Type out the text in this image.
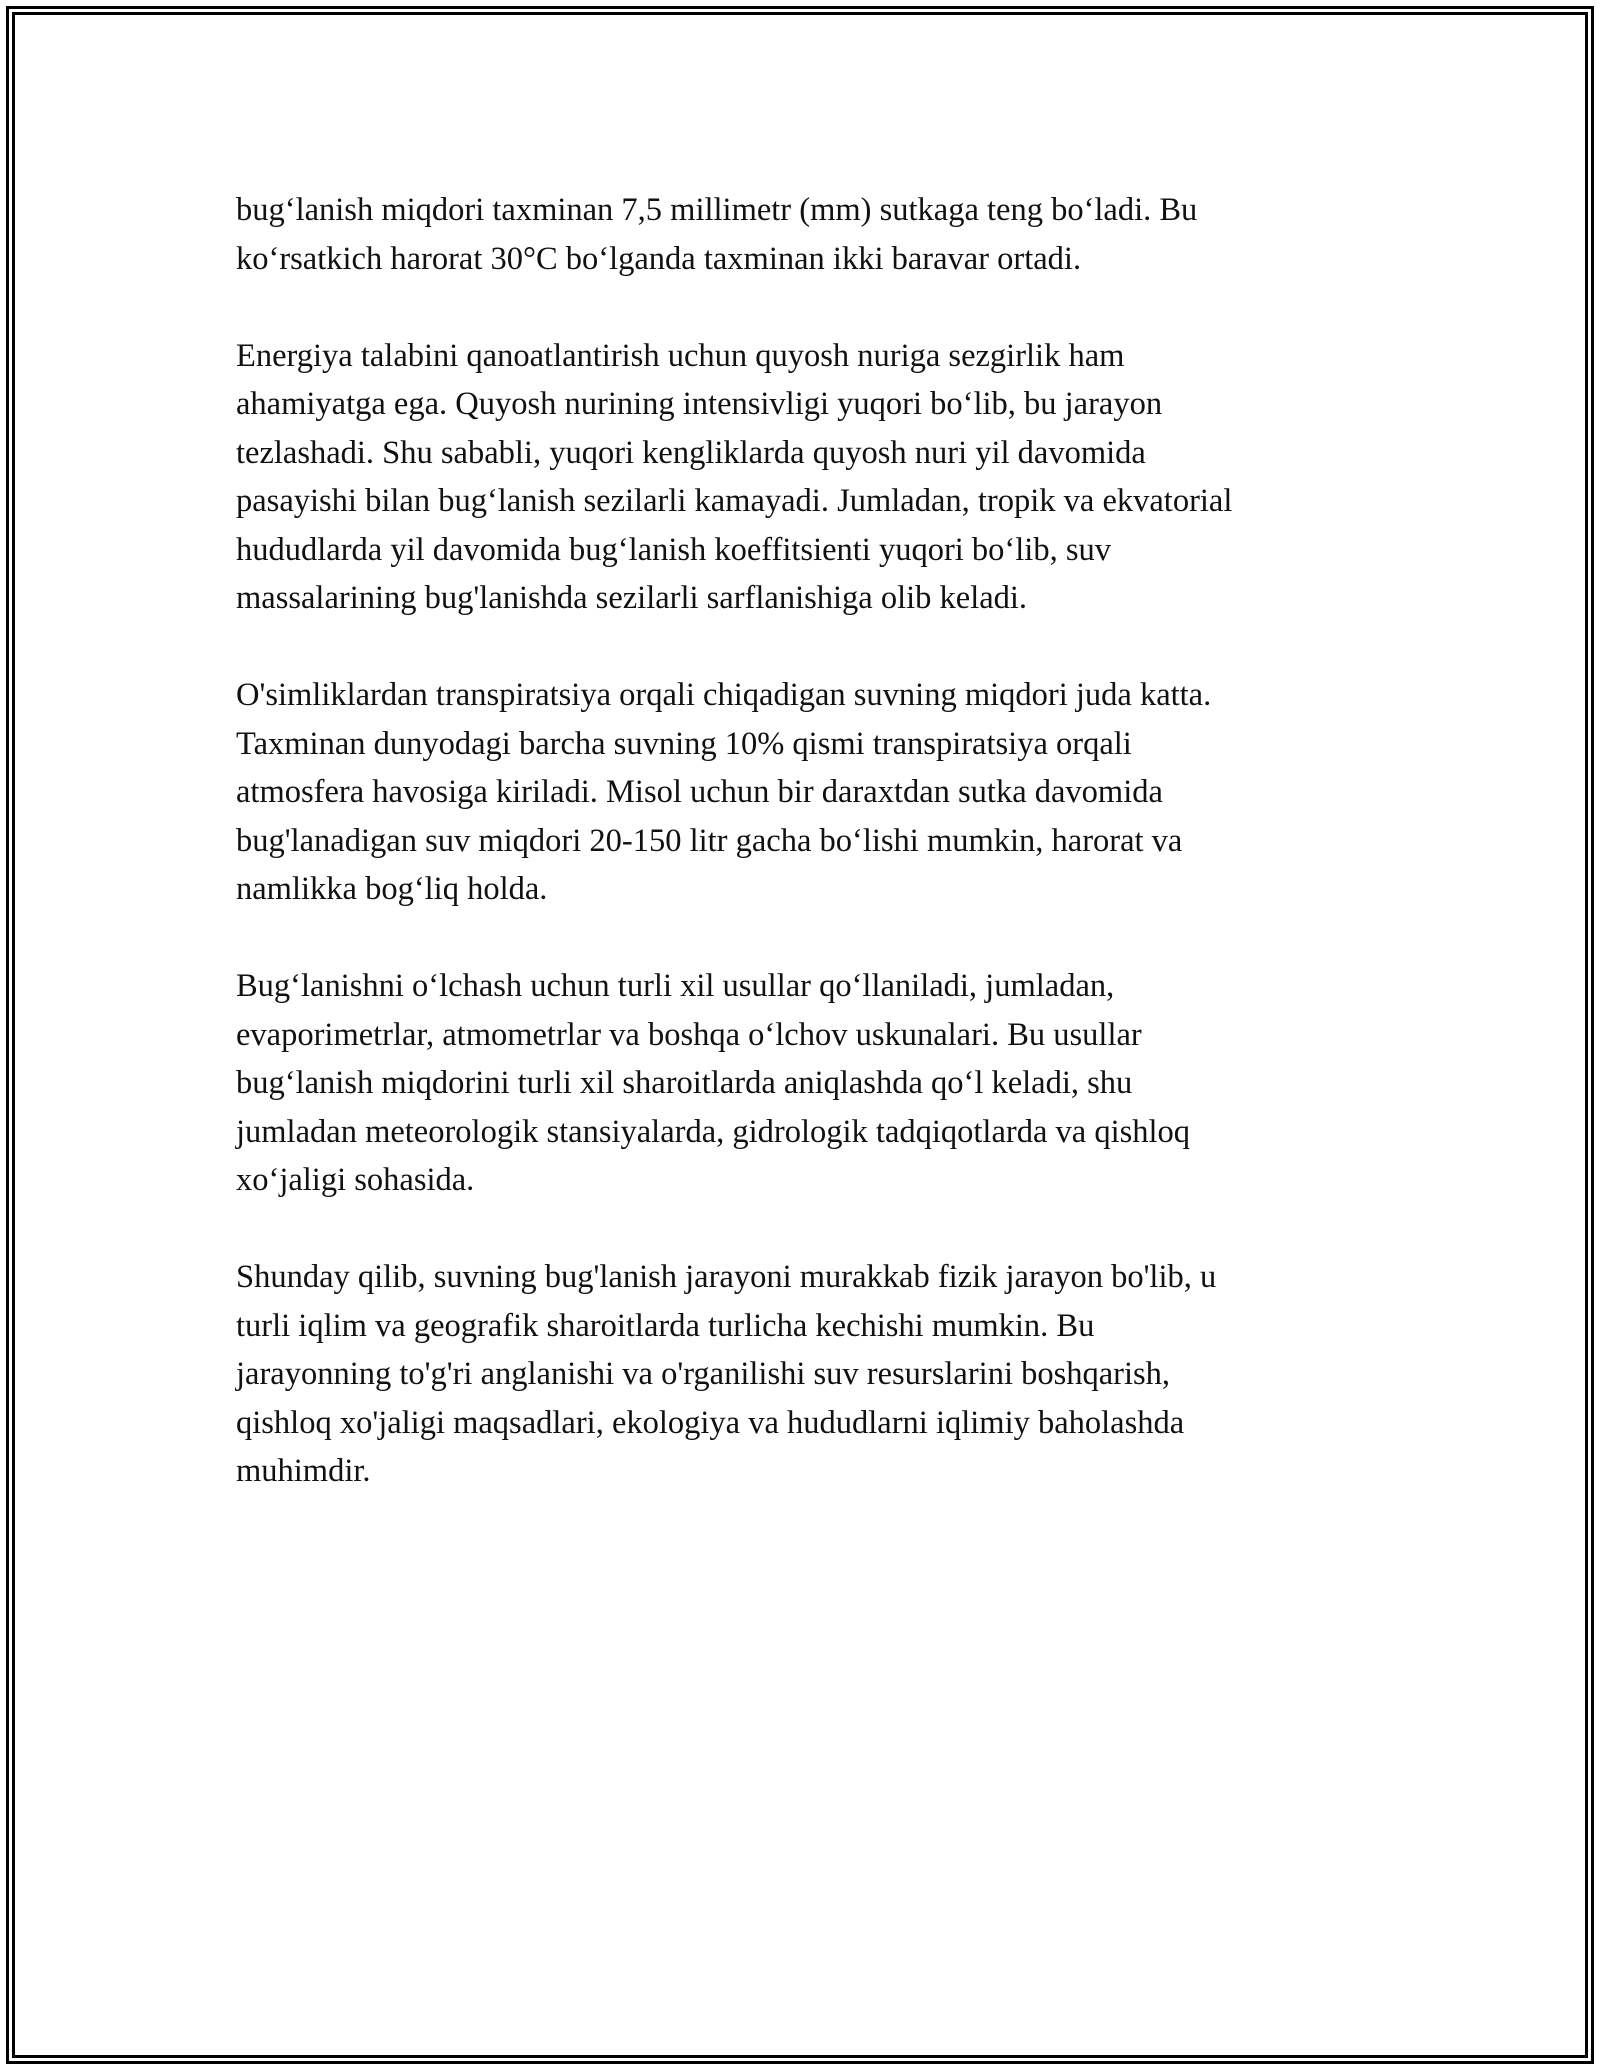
bug‘lanish miqdori taxminan 7,5 millimetr (mm) sutkaga teng bo‘ladi. Bu
ko‘rsatkich harorat 30°C bo‘lganda taxminan ikki baravar ortadi.

Energiya talabini qanoatlantirish uchun quyosh nuriga sezgirlik ham
ahamiyatga ega. Quyosh nurining intensivligi yuqori bo‘lib, bu jarayon
tezlashadi. Shu sababli, yuqori kengliklarda quyosh nuri yil davomida
pasayishi bilan bug‘lanish sezilarli kamayadi. Jumladan, tropik va ekvatorial
hududlarda yil davomida bug‘lanish koeffitsienti yuqori bo‘lib, suv
massalarining bug'lanishda sezilarli sarflanishiga olib keladi.

O'simliklardan transpiratsiya orqali chiqadigan suvning miqdori juda katta.
Taxminan dunyodagi barcha suvning 10% qismi transpiratsiya orqali
atmosfera havosiga kiriladi. Misol uchun bir daraxtdan sutka davomida
bug'lanadigan suv miqdori 20-150 litr gacha bo‘lishi mumkin, harorat va
namlikka bog‘liq holda.

Bug‘lanishni o‘lchash uchun turli xil usullar qo‘llaniladi, jumladan,
evaporimetrlar, atmometrlar va boshqa o‘lchov uskunalari. Bu usullar
bug‘lanish miqdorini turli xil sharoitlarda aniqlashda qo‘l keladi, shu
jumladan meteorologik stansiyalarda, gidrologik tadqiqotlarda va qishloq
xo‘jaligi sohasida.

Shunday qilib, suvning bug'lanish jarayoni murakkab fizik jarayon bo'lib, u
turli iqlim va geografik sharoitlarda turlicha kechishi mumkin. Bu
jarayonning to'g'ri anglanishi va o'rganilishi suv resurslarini boshqarish,
qishloq xo'jaligi maqsadlari, ekologiya va hududlarni iqlimiy baholashda
muhimdir.
